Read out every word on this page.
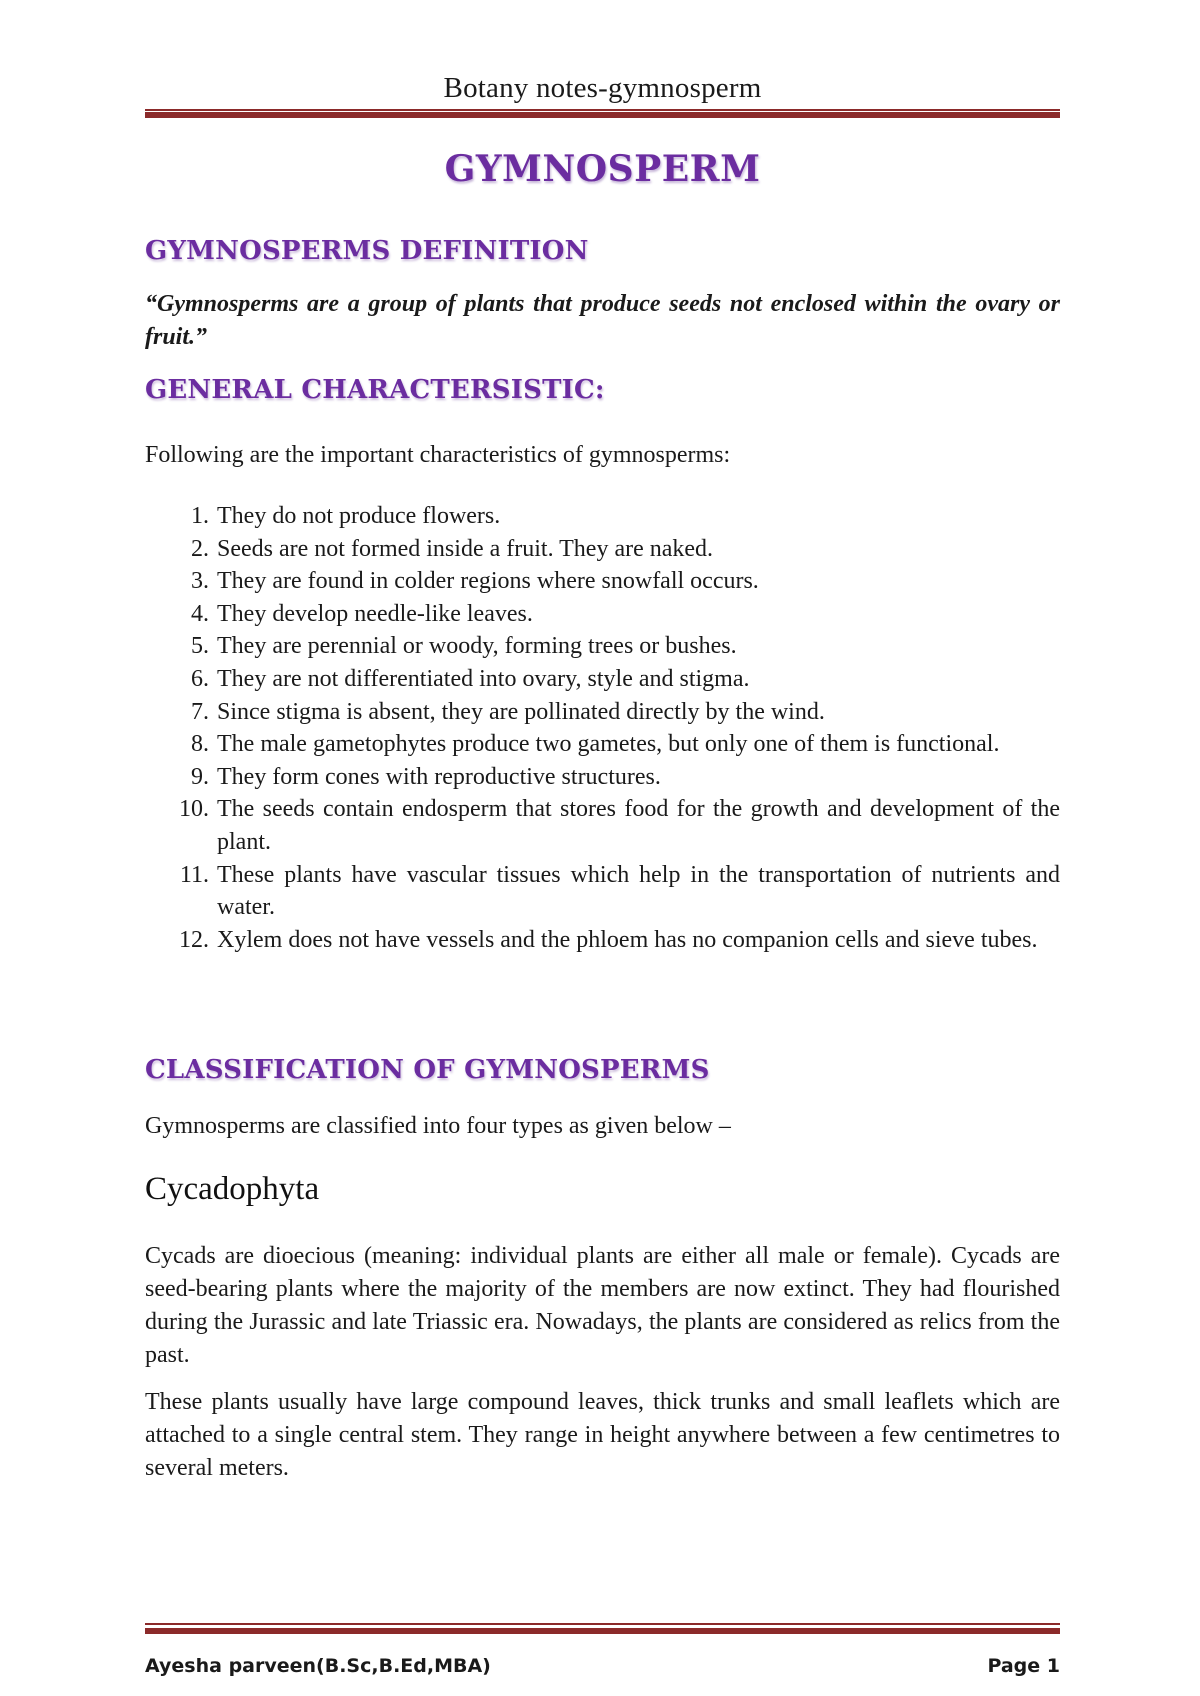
Botany notes-gymnosperm
GYMNOSPERM
GYMNOSPERMS DEFINITION
“Gymnosperms are a group of plants that produce seeds not enclosed within the ovary or fruit.”
GENERAL CHARACTERSISTIC:
Following are the important characteristics of gymnosperms:
1. They do not produce flowers.
2. Seeds are not formed inside a fruit. They are naked.
3. They are found in colder regions where snowfall occurs.
4. They develop needle-like leaves.
5. They are perennial or woody, forming trees or bushes.
6. They are not differentiated into ovary, style and stigma.
7. Since stigma is absent, they are pollinated directly by the wind.
8. The male gametophytes produce two gametes, but only one of them is functional.
9. They form cones with reproductive structures.
10. The seeds contain endosperm that stores food for the growth and development of the plant.
11. These plants have vascular tissues which help in the transportation of nutrients and water.
12. Xylem does not have vessels and the phloem has no companion cells and sieve tubes.
CLASSIFICATION OF GYMNOSPERMS
Gymnosperms are classified into four types as given below –
Cycadophyta
Cycads are dioecious (meaning: individual plants are either all male or female). Cycads are seed-bearing plants where the majority of the members are now extinct. They had flourished during the Jurassic and late Triassic era. Nowadays, the plants are considered as relics from the past.
These plants usually have large compound leaves, thick trunks and small leaflets which are attached to a single central stem. They range in height anywhere between a few centimetres to several meters.
Ayesha parveen(B.Sc,B.Ed,MBA)	Page 1
